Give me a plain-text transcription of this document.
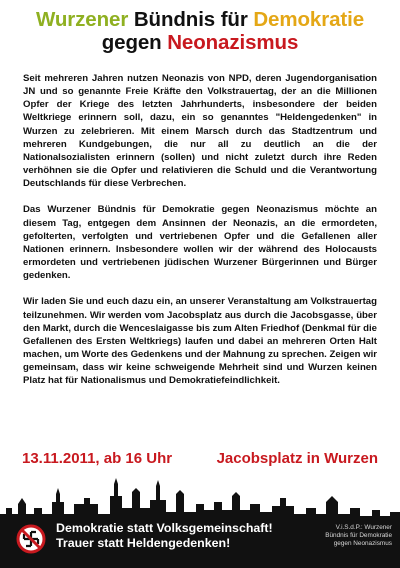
Wurzener Bündnis für Demokratie
gegen Neonazismus

Seit mehreren Jahren nutzen Neonazis von NPD, deren Jugendorganisation JN und so genannte Freie Kräfte den Volkstrauertag, der an die Millionen Opfer der Kriege des letzten Jahrhunderts, insbesondere der beiden Weltkriege erinnern soll, dazu, ein so genanntes "Heldengedenken" in Wurzen zu zelebrieren. Mit einem Marsch durch das Stadtzentrum und mehreren Kundgebungen, die nur all zu deutlich an die der Nationalsozialisten erinnern (sollen) und nicht zuletzt durch ihre Reden verhöhnen sie die Opfer und relativieren die Schuld und die Verantwortung Deutschlands für diese Verbrechen.

Das Wurzener Bündnis für Demokratie gegen Neonazismus möchte an diesem Tag, entgegen dem Ansinnen der Neonazis, an die ermordeten, gefolterten, verfolgten und vertriebenen Opfer und die Gefallenen aller Nationen erinnern. Insbesondere wollen wir der während des Holocausts ermordeten und vertriebenen jüdischen Wurzener Bürgerinnen und Bürger gedenken.

Wir laden Sie und euch dazu ein, an unserer Veranstaltung am Volkstrauertag teilzunehmen. Wir werden vom Jacobsplatz aus durch die Jacobsgasse, über den Markt, durch die Wenceslaigasse bis zum Alten Friedhof (Denkmal für die Gefallenen des Ersten Weltkriegs) laufen und dabei an mehreren Orten Halt machen, um Worte des Gedenkens und der Mahnung zu sprechen. Zeigen wir gemeinsam, dass wir keine schweigende Mehrheit sind und Wurzen keinen Platz hat für Nationalismus und Demokratiefeindlichkeit.

13.11.2011, ab 16 Uhr	Jacobsplatz in Wurzen
Demokratie statt Volksgemeinschaft!
Trauer statt Heldengedenken!
V.i.S.d.P.: Wurzener
Bündnis für Demokratie
gegen Neonazismus
